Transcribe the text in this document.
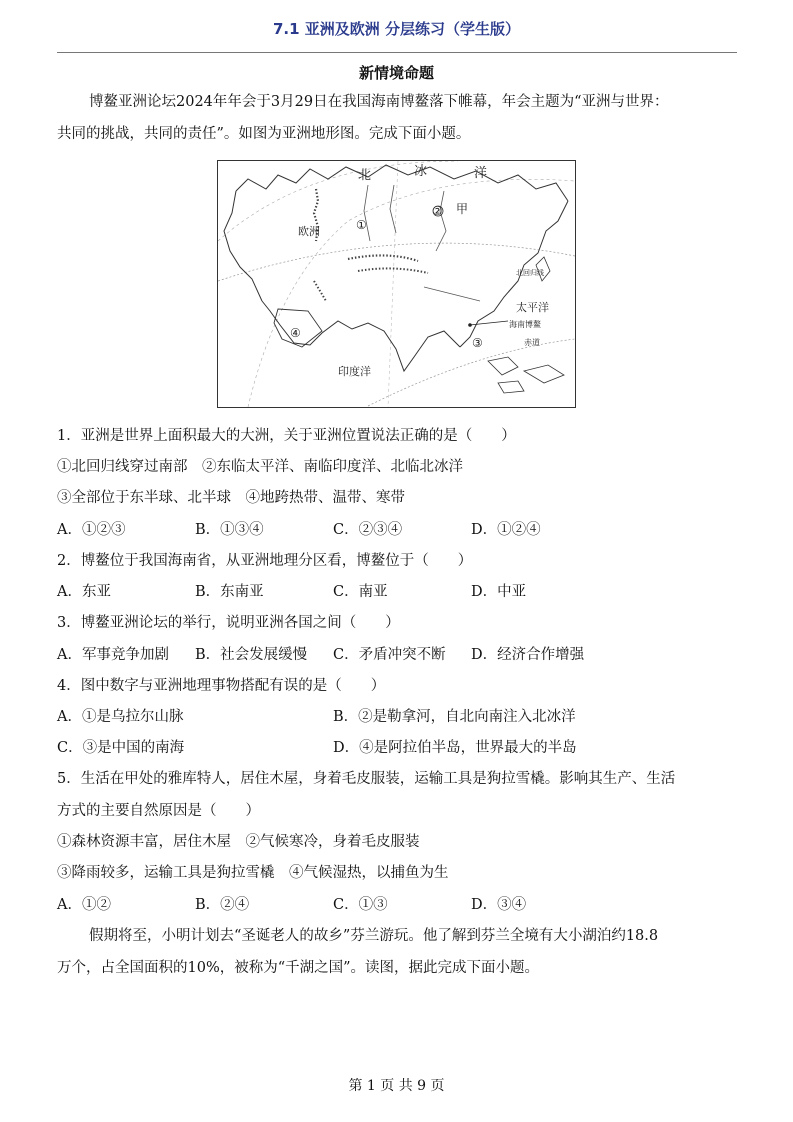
7.1 亚洲及欧洲 分层练习（学生版）
新情境命题
博鳌亚洲论坛2024年年会于3月29日在我国海南博鳌落下帷幕，年会主题为“亚洲与世界：
共同的挑战，共同的责任”。如图为亚洲地形图。完成下面小题。
北	冰	洋
② 甲
①
欧洲
北回归线
太平洋
海南博鳌
③
④
赤道
印度洋
1．亚洲是世界上面积最大的大洲，关于亚洲位置说法正确的是（　　）
①北回归线穿过南部　②东临太平洋、南临印度洋、北临北冰洋
③全部位于东半球、北半球　④地跨热带、温带、寒带
A．①②③	B．①③④	C．②③④	D．①②④
2．博鳌位于我国海南省，从亚洲地理分区看，博鳌位于（　　）
A．东亚	B．东南亚	C．南亚	D．中亚
3．博鳌亚洲论坛的举行，说明亚洲各国之间（　　）
A．军事竞争加剧 B．社会发展缓慢 C．矛盾冲突不断 D．经济合作增强
4．图中数字与亚洲地理事物搭配有误的是（　　）
A．①是乌拉尔山脉	B．②是勒拿河，自北向南注入北冰洋
C．③是中国的南海	D．④是阿拉伯半岛，世界最大的半岛
5．生活在甲处的雅库特人，居住木屋，身着毛皮服装，运输工具是狗拉雪橇。影响其生产、生活
方式的主要自然原因是（　　）
①森林资源丰富，居住木屋　②气候寒冷，身着毛皮服装
③降雨较多，运输工具是狗拉雪橇　④气候湿热，以捕鱼为生
A．①②	B．②④	C．①③	D．③④
假期将至，小明计划去“圣诞老人的故乡”芬兰游玩。他了解到芬兰全境有大小湖泊约18.8
万个，占全国面积的10%，被称为“千湖之国”。读图，据此完成下面小题。
第 1 页 共 9 页
